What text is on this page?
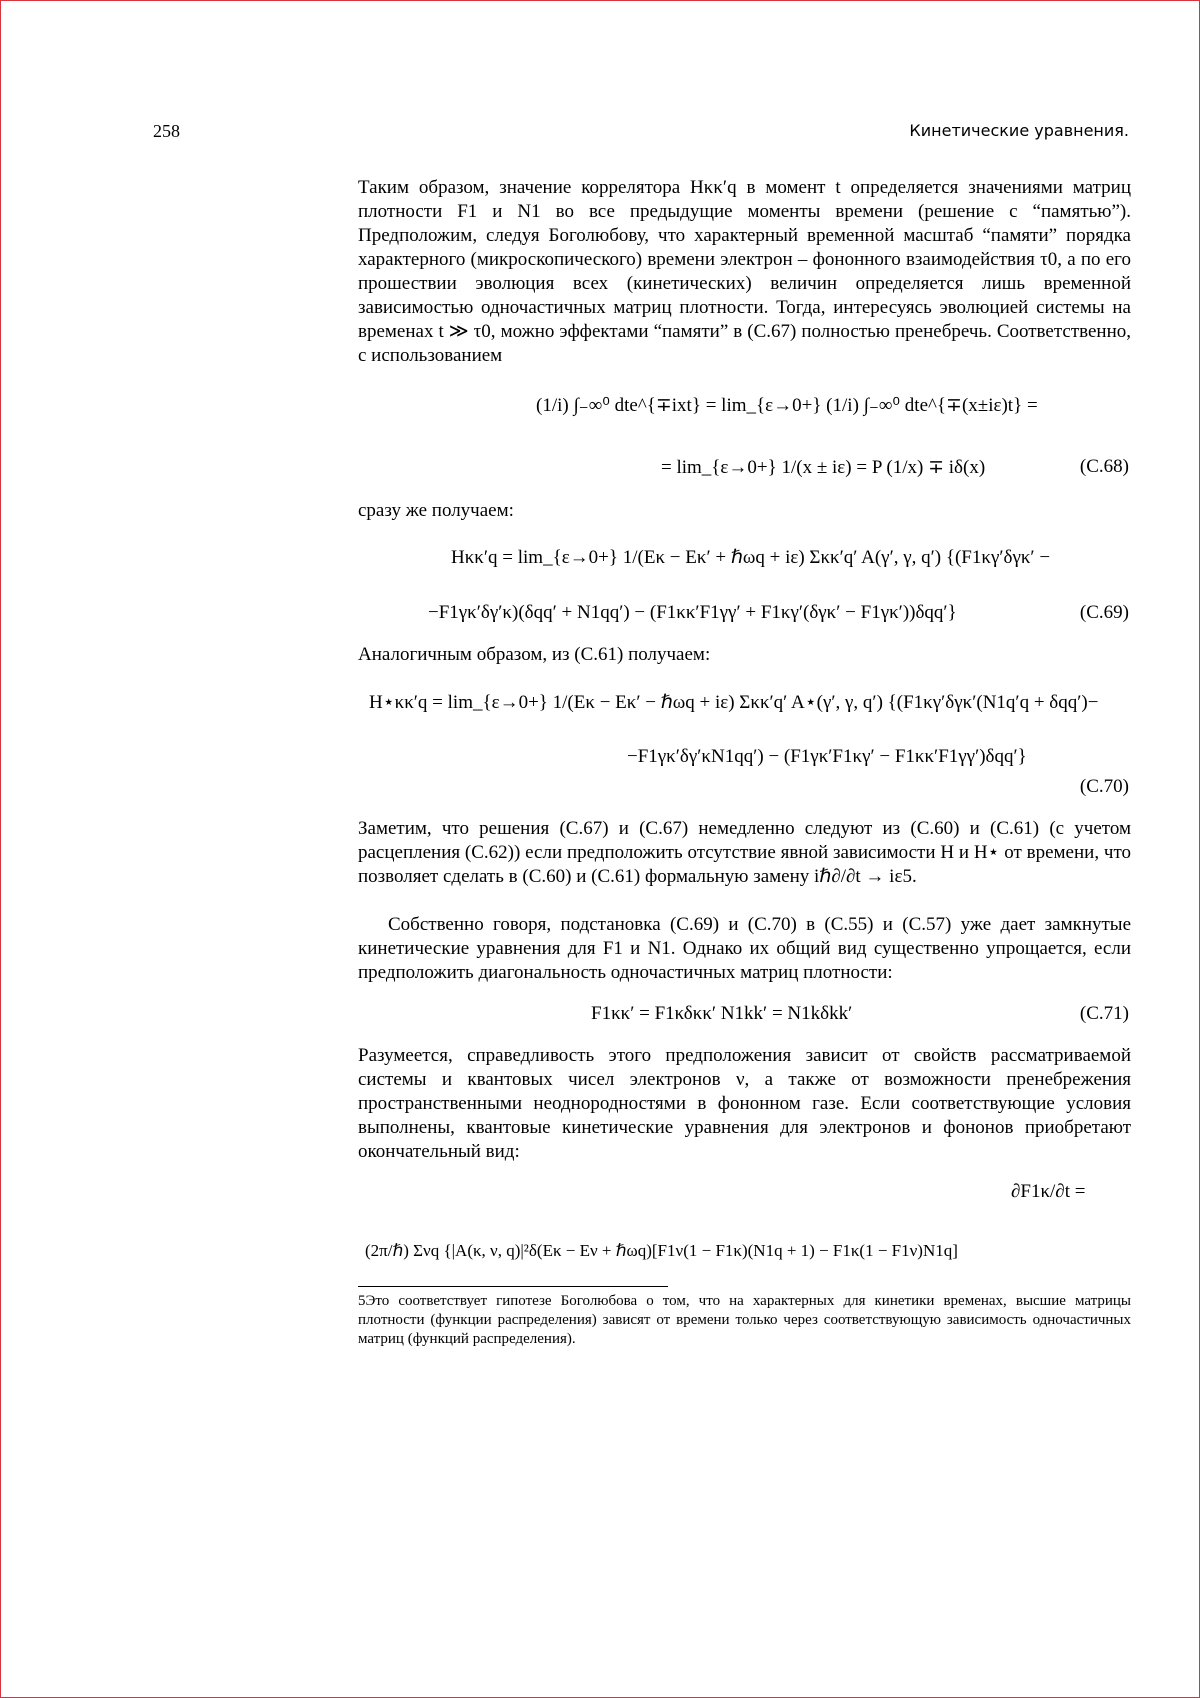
258	Кинетические уравнения.
Таким образом, значение коррелятора Hκκ′q в момент t определяется значениями матриц плотности F1 и N1 во все предыдущие моменты времени (решение с “памятью”). Предположим, следуя Боголюбову, что характерный временной масштаб “памяти” порядка характерного (микроскопического) времени электрон – фононного взаимодействия τ0, а по его прошествии эволюция всех (кинетических) величин определяется лишь временной зависимостью одночастичных матриц плотности. Тогда, интересуясь эволюцией системы на временах t ≫ τ0, можно эффектами “памяти” в (C.67) полностью пренебречь. Соответственно, с использованием
(1/i) ∫₋∞⁰ dte^{∓ixt} = lim_{ε→0+} (1/i) ∫₋∞⁰ dte^{∓(x±iε)t} =
= lim_{ε→0+} 1/(x ± iε) = P (1/x) ∓ iδ(x)	(C.68)
сразу же получаем:
Hκκ′q = lim_{ε→0+} 1/(Eκ − Eκ′ + ℏωq + iε) Σκκ′q′ A(γ′, γ, q′) {(F1κγ′δγκ′ −
−F1γκ′δγ′κ)(δqq′ + N1qq′) − (F1κκ′F1γγ′ + F1κγ′(δγκ′ − F1γκ′))δqq′}	(C.69)
Аналогичным образом, из (C.61) получаем:
H⋆κκ′q = lim_{ε→0+} 1/(Eκ − Eκ′ − ℏωq + iε) Σκκ′q′ A⋆(γ′, γ, q′) {(F1κγ′δγκ′(N1q′q + δqq′)−
−F1γκ′δγ′κN1qq′) − (F1γκ′F1κγ′ − F1κκ′F1γγ′)δqq′}
(C.70)
Заметим, что решения (C.67) и (C.67) немедленно следуют из (C.60) и (C.61) (с учетом расцепления (C.62)) если предположить отсутствие явной зависимости H и H⋆ от времени, что позволяет сделать в (C.60) и (C.61) формальную замену iℏ∂/∂t → iε5.
Собственно говоря, подстановка (C.69) и (C.70) в (C.55) и (C.57) уже дает замкнутые кинетические уравнения для F1 и N1. Однако их общий вид существенно упрощается, если предположить диагональность одночастичных матриц плотности:
F1κκ′ = F1κδκκ′ N1kk′ = N1kδkk′	(C.71)
Разумеется, справедливость этого предположения зависит от свойств рассматриваемой системы и квантовых чисел электронов ν, а также от возможности пренебрежения пространственными неоднородностями в фононном газе. Если соответствующие условия выполнены, квантовые кинетические уравнения для электронов и фононов приобретают окончательный вид:
∂F1κ/∂t =
(2π/ℏ) Σνq {|A(κ, ν, q)|²δ(Eκ − Eν + ℏωq)[F1ν(1 − F1κ)(N1q + 1) − F1κ(1 − F1ν)N1q]
5Это соответствует гипотезе Боголюбова о том, что на характерных для кинетики временах, высшие матрицы плотности (функции распределения) зависят от времени только через соответствующую зависимость одночастичных матриц (функций распределения).
